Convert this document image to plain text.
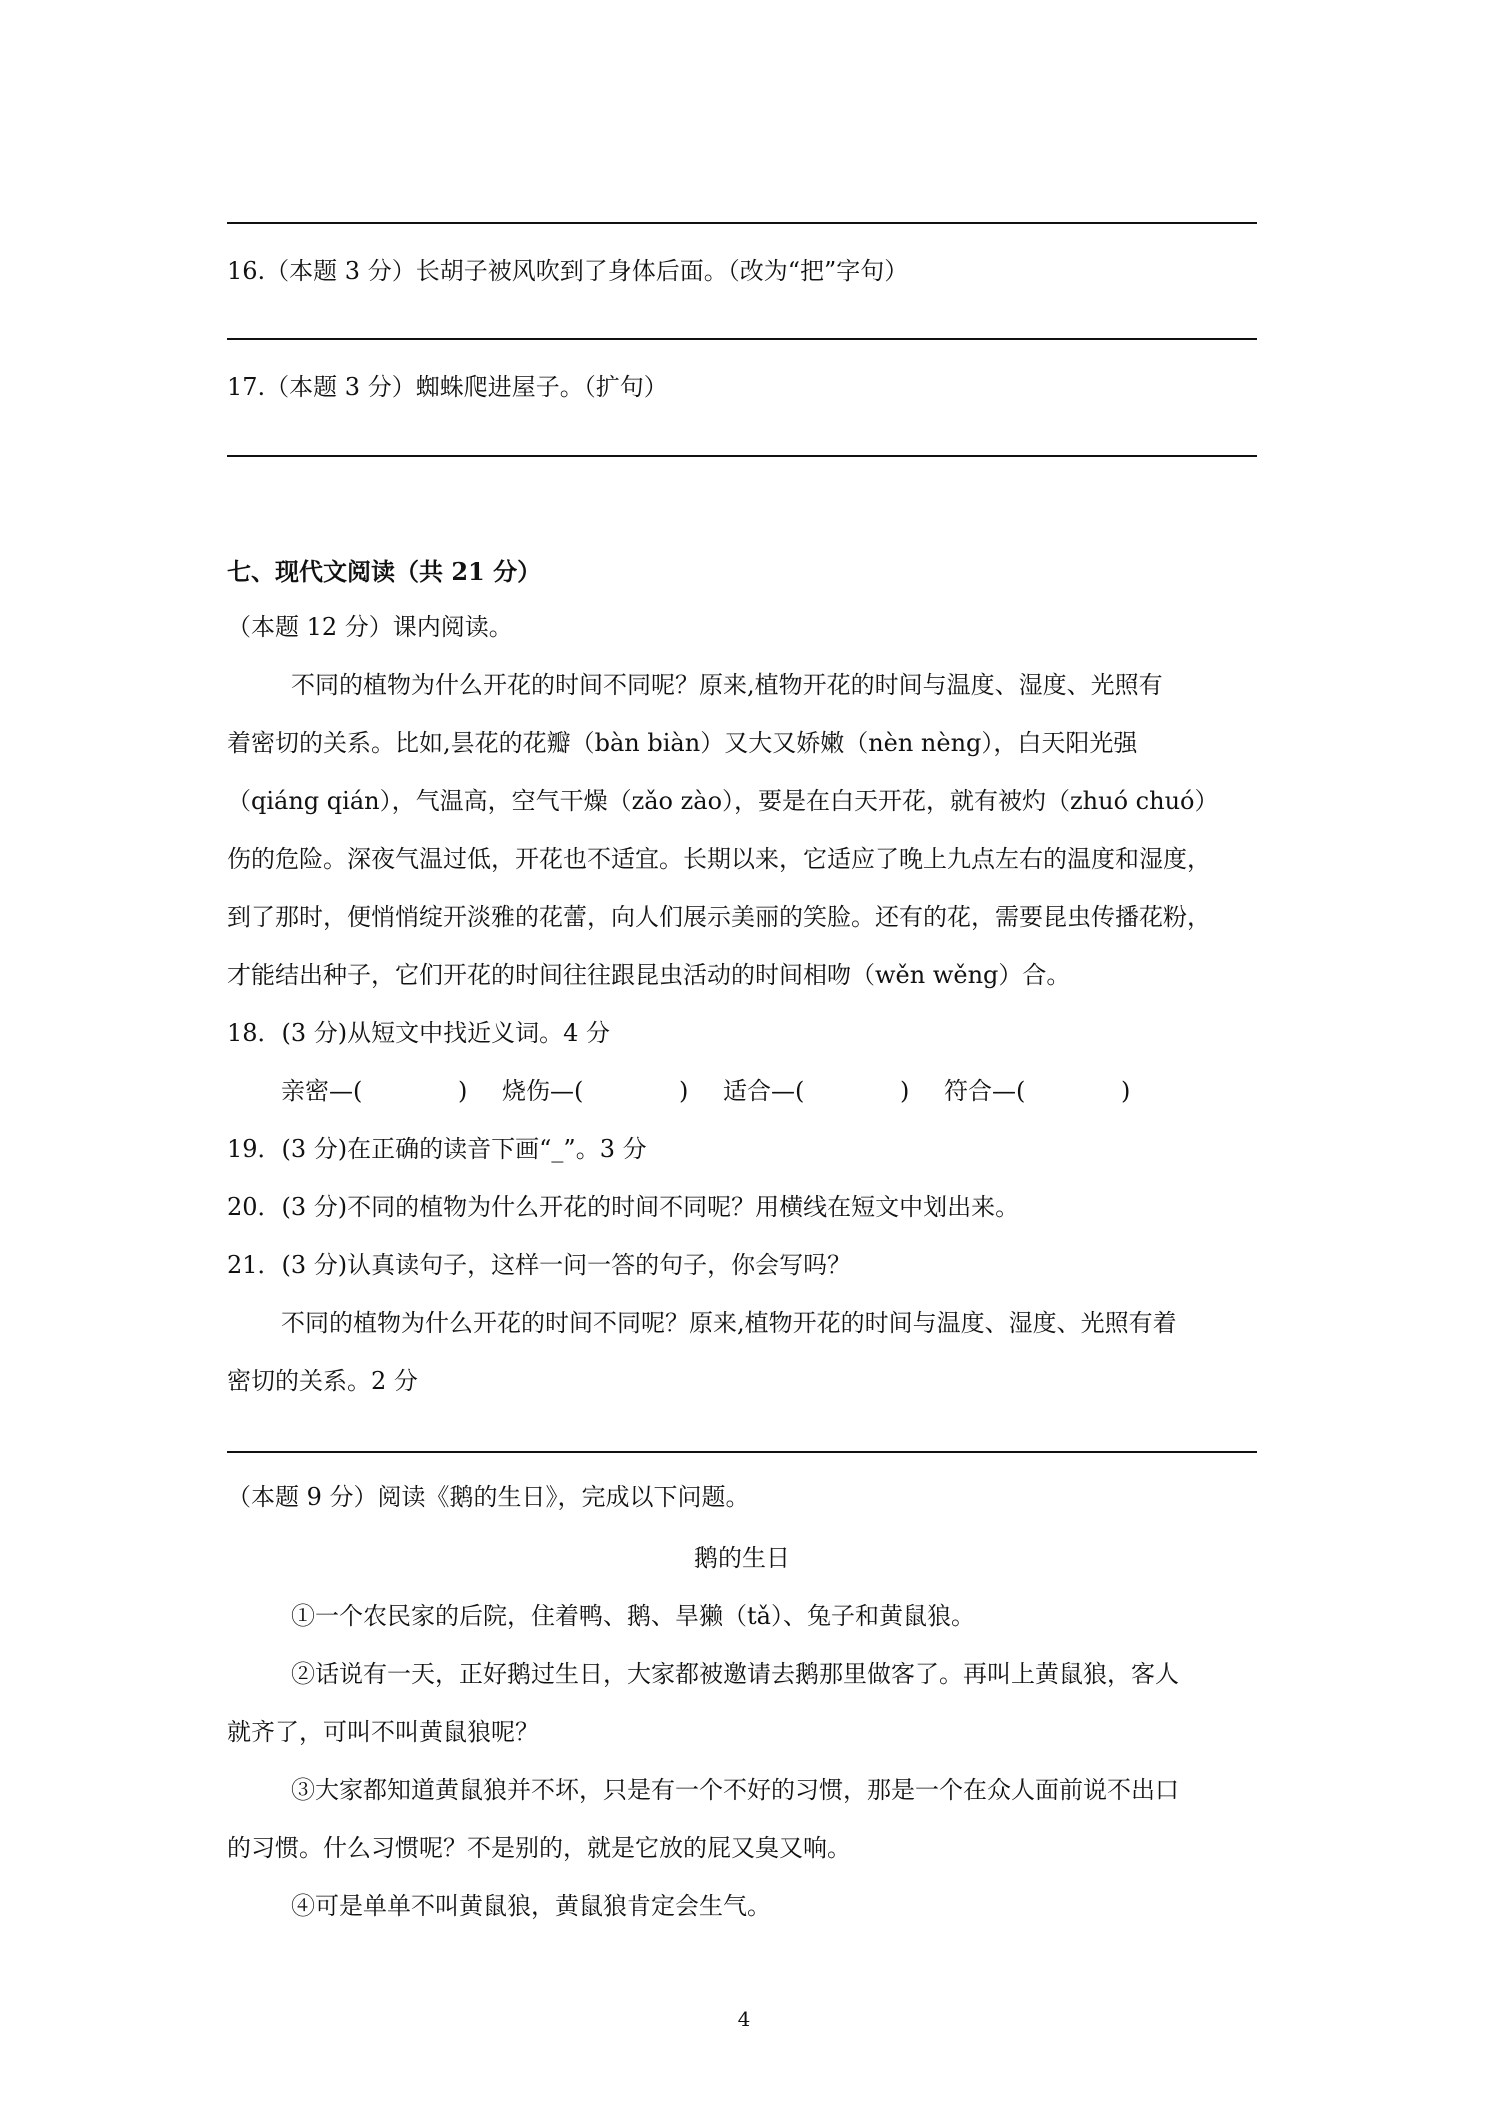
16.（本题 3 分）长胡子被风吹到了身体后面。（改为“把”字句）
17.（本题 3 分）蜘蛛爬进屋子。（扩句）
七、现代文阅读（共 21 分）
（本题 12 分）课内阅读。
不同的植物为什么开花的时间不同呢？原来,植物开花的时间与温度、湿度、光照有
着密切的关系。比如,昙花的花瓣（bàn biàn）又大又娇嫩（nèn nèng），白天阳光强
（qiáng qián），气温高，空气干燥（zǎo zào），要是在白天开花，就有被灼（zhuó chuó）
伤的危险。深夜气温过低，开花也不适宜。长期以来，它适应了晚上九点左右的温度和湿度，
到了那时，便悄悄绽开淡雅的花蕾，向人们展示美丽的笑脸。还有的花，需要昆虫传播花粉，
才能结出种子，它们开花的时间往往跟昆虫活动的时间相吻（wěn wěng）合。
18．(3 分)从短文中找近义词。4 分
亲密—(	) 烧伤—(	) 适合—(	) 符合—(	)
19．(3 分)在正确的读音下画“_”。3 分
20．(3 分)不同的植物为什么开花的时间不同呢？用横线在短文中划出来。
21．(3 分)认真读句子，这样一问一答的句子，你会写吗？
不同的植物为什么开花的时间不同呢？原来,植物开花的时间与温度、湿度、光照有着
密切的关系。2 分
（本题 9 分）阅读《鹅的生日》，完成以下问题。
鹅的生日
①一个农民家的后院，住着鸭、鹅、旱獭（tǎ）、兔子和黄鼠狼。
②话说有一天，正好鹅过生日，大家都被邀请去鹅那里做客了。再叫上黄鼠狼，客人
就齐了，可叫不叫黄鼠狼呢？
③大家都知道黄鼠狼并不坏，只是有一个不好的习惯，那是一个在众人面前说不出口
的习惯。什么习惯呢？不是别的，就是它放的屁又臭又响。
④可是单单不叫黄鼠狼，黄鼠狼肯定会生气。
4
